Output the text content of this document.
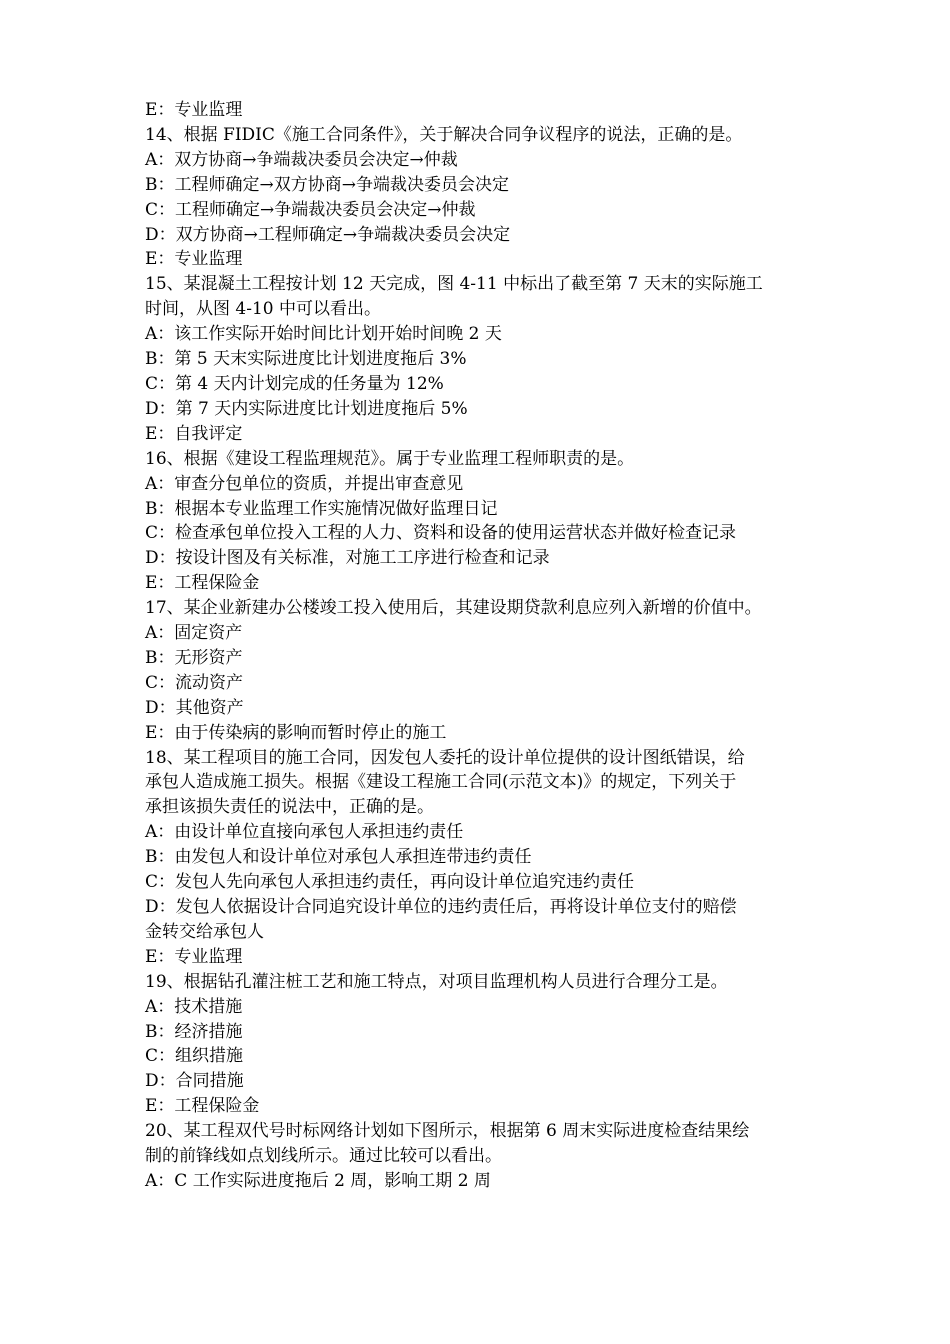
E：专业监理
14、根据 FIDIC《施工合同条件》，关于解决合同争议程序的说法，正确的是。
A：双方协商→争端裁决委员会决定→仲裁
B：工程师确定→双方协商→争端裁决委员会决定
C：工程师确定→争端裁决委员会决定→仲裁
D：双方协商→工程师确定→争端裁决委员会决定
E：专业监理
15、某混凝土工程按计划 12 天完成，图 4-11 中标出了截至第 7 天末的实际施工
时间，从图 4-10 中可以看出。
A：该工作实际开始时间比计划开始时间晚 2 天
B：第 5 天末实际进度比计划进度拖后 3%
C：第 4 天内计划完成的任务量为 12%
D：第 7 天内实际进度比计划进度拖后 5%
E：自我评定
16、根据《建设工程监理规范》。属于专业监理工程师职责的是。
A：审查分包单位的资质，并提出审查意见
B：根据本专业监理工作实施情况做好监理日记
C：检查承包单位投入工程的人力、资料和设备的使用运营状态并做好检查记录
D：按设计图及有关标准，对施工工序进行检查和记录
E：工程保险金
17、某企业新建办公楼竣工投入使用后，其建设期贷款利息应列入新增的价值中。
A：固定资产
B：无形资产
C：流动资产
D：其他资产
E：由于传染病的影响而暂时停止的施工
18、某工程项目的施工合同，因发包人委托的设计单位提供的设计图纸错误，给
承包人造成施工损失。根据《建设工程施工合同(示范文本)》的规定，下列关于
承担该损失责任的说法中，正确的是。
A：由设计单位直接向承包人承担违约责任
B：由发包人和设计单位对承包人承担连带违约责任
C：发包人先向承包人承担违约责任，再向设计单位追究违约责任
D：发包人依据设计合同追究设计单位的违约责任后，再将设计单位支付的赔偿
金转交给承包人
E：专业监理
19、根据钻孔灌注桩工艺和施工特点，对项目监理机构人员进行合理分工是。
A：技术措施
B：经济措施
C：组织措施
D：合同措施
E：工程保险金
20、某工程双代号时标网络计划如下图所示，根据第 6 周末实际进度检查结果绘
制的前锋线如点划线所示。通过比较可以看出。
A：C 工作实际进度拖后 2 周，影响工期 2 周
